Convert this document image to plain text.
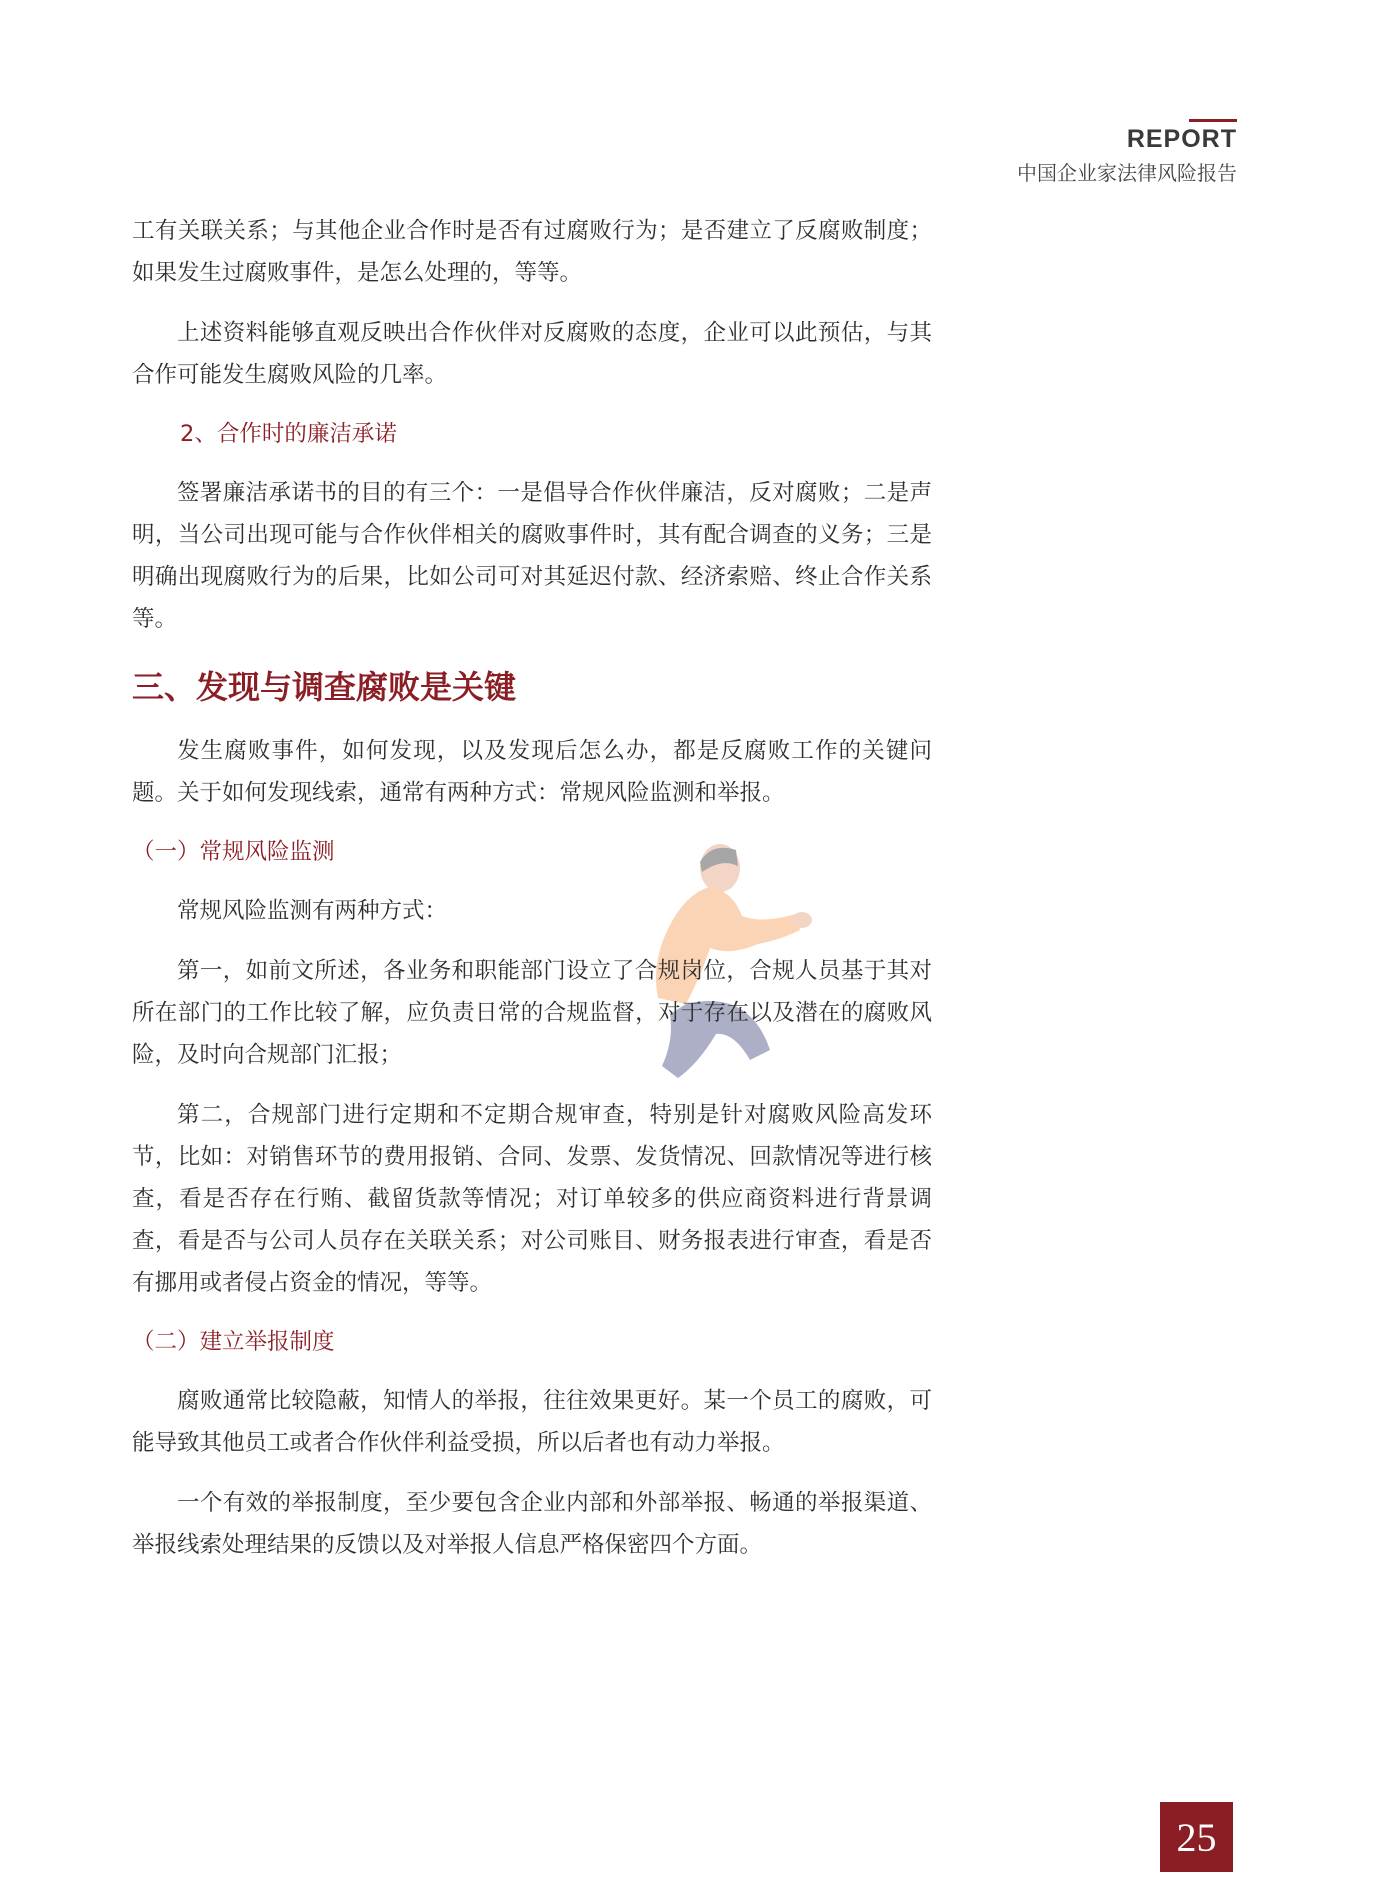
REPORT
中国企业家法律风险报告

工有关联关系；与其他企业合作时是否有过腐败行为；是否建立了反腐败制度；如果发生过腐败事件，是怎么处理的，等等。

上述资料能够直观反映出合作伙伴对反腐败的态度，企业可以此预估，与其合作可能发生腐败风险的几率。

2、合作时的廉洁承诺

签署廉洁承诺书的目的有三个：一是倡导合作伙伴廉洁，反对腐败；二是声明，当公司出现可能与合作伙伴相关的腐败事件时，其有配合调查的义务；三是明确出现腐败行为的后果，比如公司可对其延迟付款、经济索赔、终止合作关系等。

三、发现与调查腐败是关键

发生腐败事件，如何发现，以及发现后怎么办，都是反腐败工作的关键问题。关于如何发现线索，通常有两种方式：常规风险监测和举报。

（一）常规风险监测

常规风险监测有两种方式：

第一，如前文所述，各业务和职能部门设立了合规岗位，合规人员基于其对所在部门的工作比较了解，应负责日常的合规监督，对于存在以及潜在的腐败风险，及时向合规部门汇报；

第二，合规部门进行定期和不定期合规审查，特别是针对腐败风险高发环节，比如：对销售环节的费用报销、合同、发票、发货情况、回款情况等进行核查，看是否存在行贿、截留货款等情况；对订单较多的供应商资料进行背景调查，看是否与公司人员存在关联关系；对公司账目、财务报表进行审查，看是否有挪用或者侵占资金的情况，等等。

（二）建立举报制度

腐败通常比较隐蔽，知情人的举报，往往效果更好。某一个员工的腐败，可能导致其他员工或者合作伙伴利益受损，所以后者也有动力举报。

一个有效的举报制度，至少要包含企业内部和外部举报、畅通的举报渠道、举报线索处理结果的反馈以及对举报人信息严格保密四个方面。

25
